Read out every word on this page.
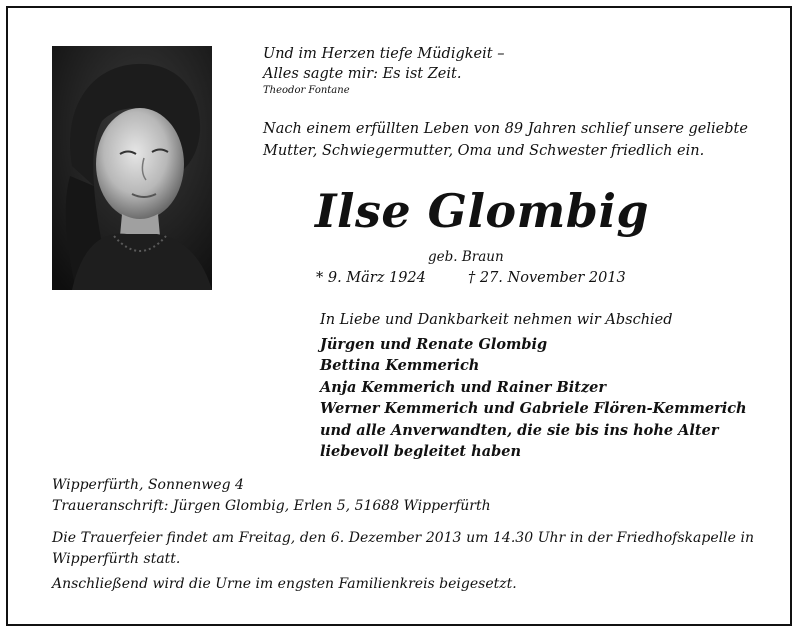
Und im Herzen tiefe Müdigkeit –
Alles sagte mir: Es ist Zeit.
Theodor Fontane
Nach einem erfüllten Leben von 89 Jahren schlief unsere geliebte Mutter, Schwiegermutter, Oma und Schwester friedlich ein.
Ilse Glombig
geb. Braun
* 9. März 1924	† 27. November 2013
In Liebe und Dankbarkeit nehmen wir Abschied
Jürgen und Renate Glombig
Bettina Kemmerich
Anja Kemmerich und Rainer Bitzer
Werner Kemmerich und Gabriele Flören-Kemmerich
und alle Anverwandten, die sie bis ins hohe Alter
liebevoll begleitet haben
Wipperfürth, Sonnenweg 4
Traueranschrift: Jürgen Glombig, Erlen 5, 51688 Wipperfürth
Die Trauerfeier findet am Freitag, den 6. Dezember 2013 um 14.30 Uhr in der Friedhofskapelle in Wipperfürth statt.
Anschließend wird die Urne im engsten Familienkreis beigesetzt.
